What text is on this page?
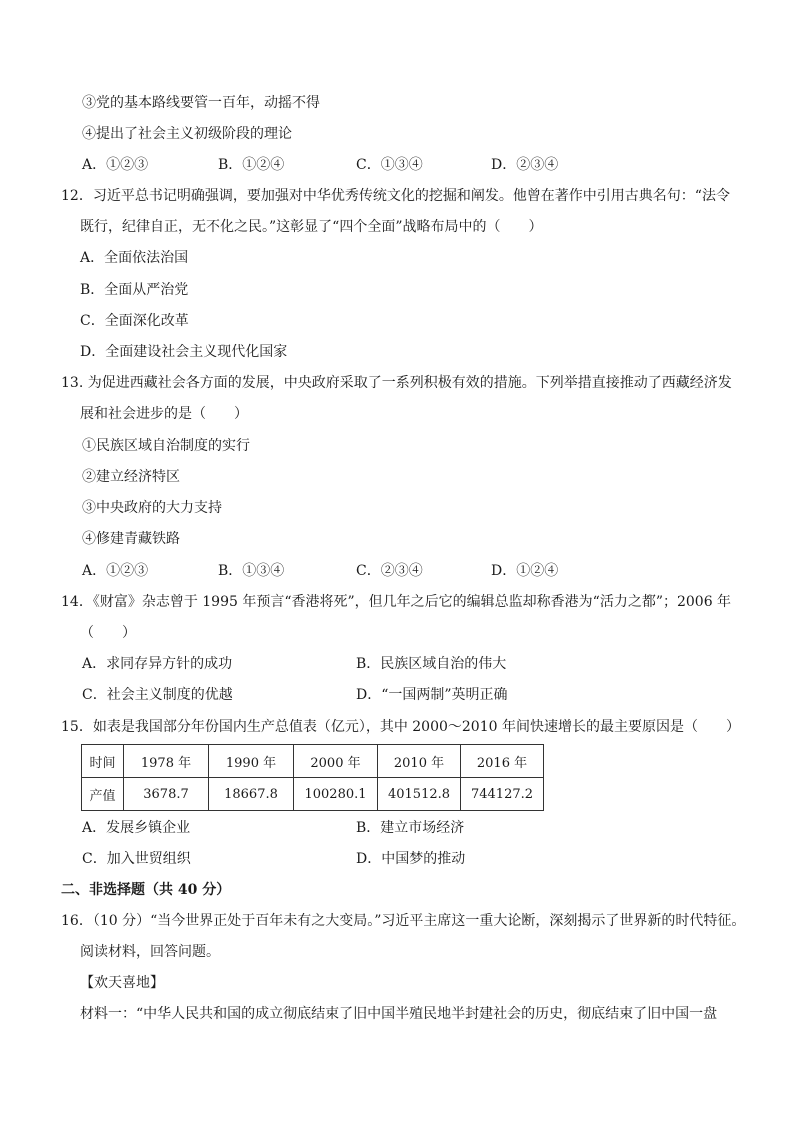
③党的基本路线要管一百年，动摇不得
④提出了社会主义初级阶段的理论
A．①②③	B．①②④	C．①③④	D．②③④
12．习近平总书记明确强调，要加强对中华优秀传统文化的挖掘和阐发。他曾在著作中引用古典名句：“法令
既行，纪律自正，无不化之民。”这彰显了“四个全面”战略布局中的（　　）
A．全面依法治国
B．全面从严治党
C．全面深化改革
D．全面建设社会主义现代化国家
13. 为促进西藏社会各方面的发展，中央政府采取了一系列积极有效的措施。下列举措直接推动了西藏经济发
展和社会进步的是（　　）
①民族区域自治制度的实行
②建立经济特区
③中央政府的大力支持
④修建青藏铁路
A．①②③	B．①③④	C．②③④	D．①②④
14．《财富》杂志曾于 1995 年预言“香港将死”，但几年之后它的编辑总监却称香港为“活力之都”；2006 年
（　　）
A．求同存异方针的成功	B．民族区域自治的伟大
C．社会主义制度的优越	D．“一国两制”英明正确
15．如表是我国部分年份国内生产总值表（亿元），其中 2000～2010 年间快速增长的最主要原因是（　　）
时间	1978 年	1990 年	2000 年	2010 年	2016 年
产值	3678.7	18667.8	100280.1	401512.8	744127.2
A．发展乡镇企业	B．建立市场经济
C．加入世贸组织	D．中国梦的推动
二、非选择题（共 40 分）
16．（10 分）“当今世界正处于百年未有之大变局。”习近平主席这一重大论断，深刻揭示了世界新的时代特征。
阅读材料，回答问题。
【欢天喜地】
材料一：“中华人民共和国的成立彻底结束了旧中国半殖民地半封建社会的历史，彻底结束了旧中国一盘
